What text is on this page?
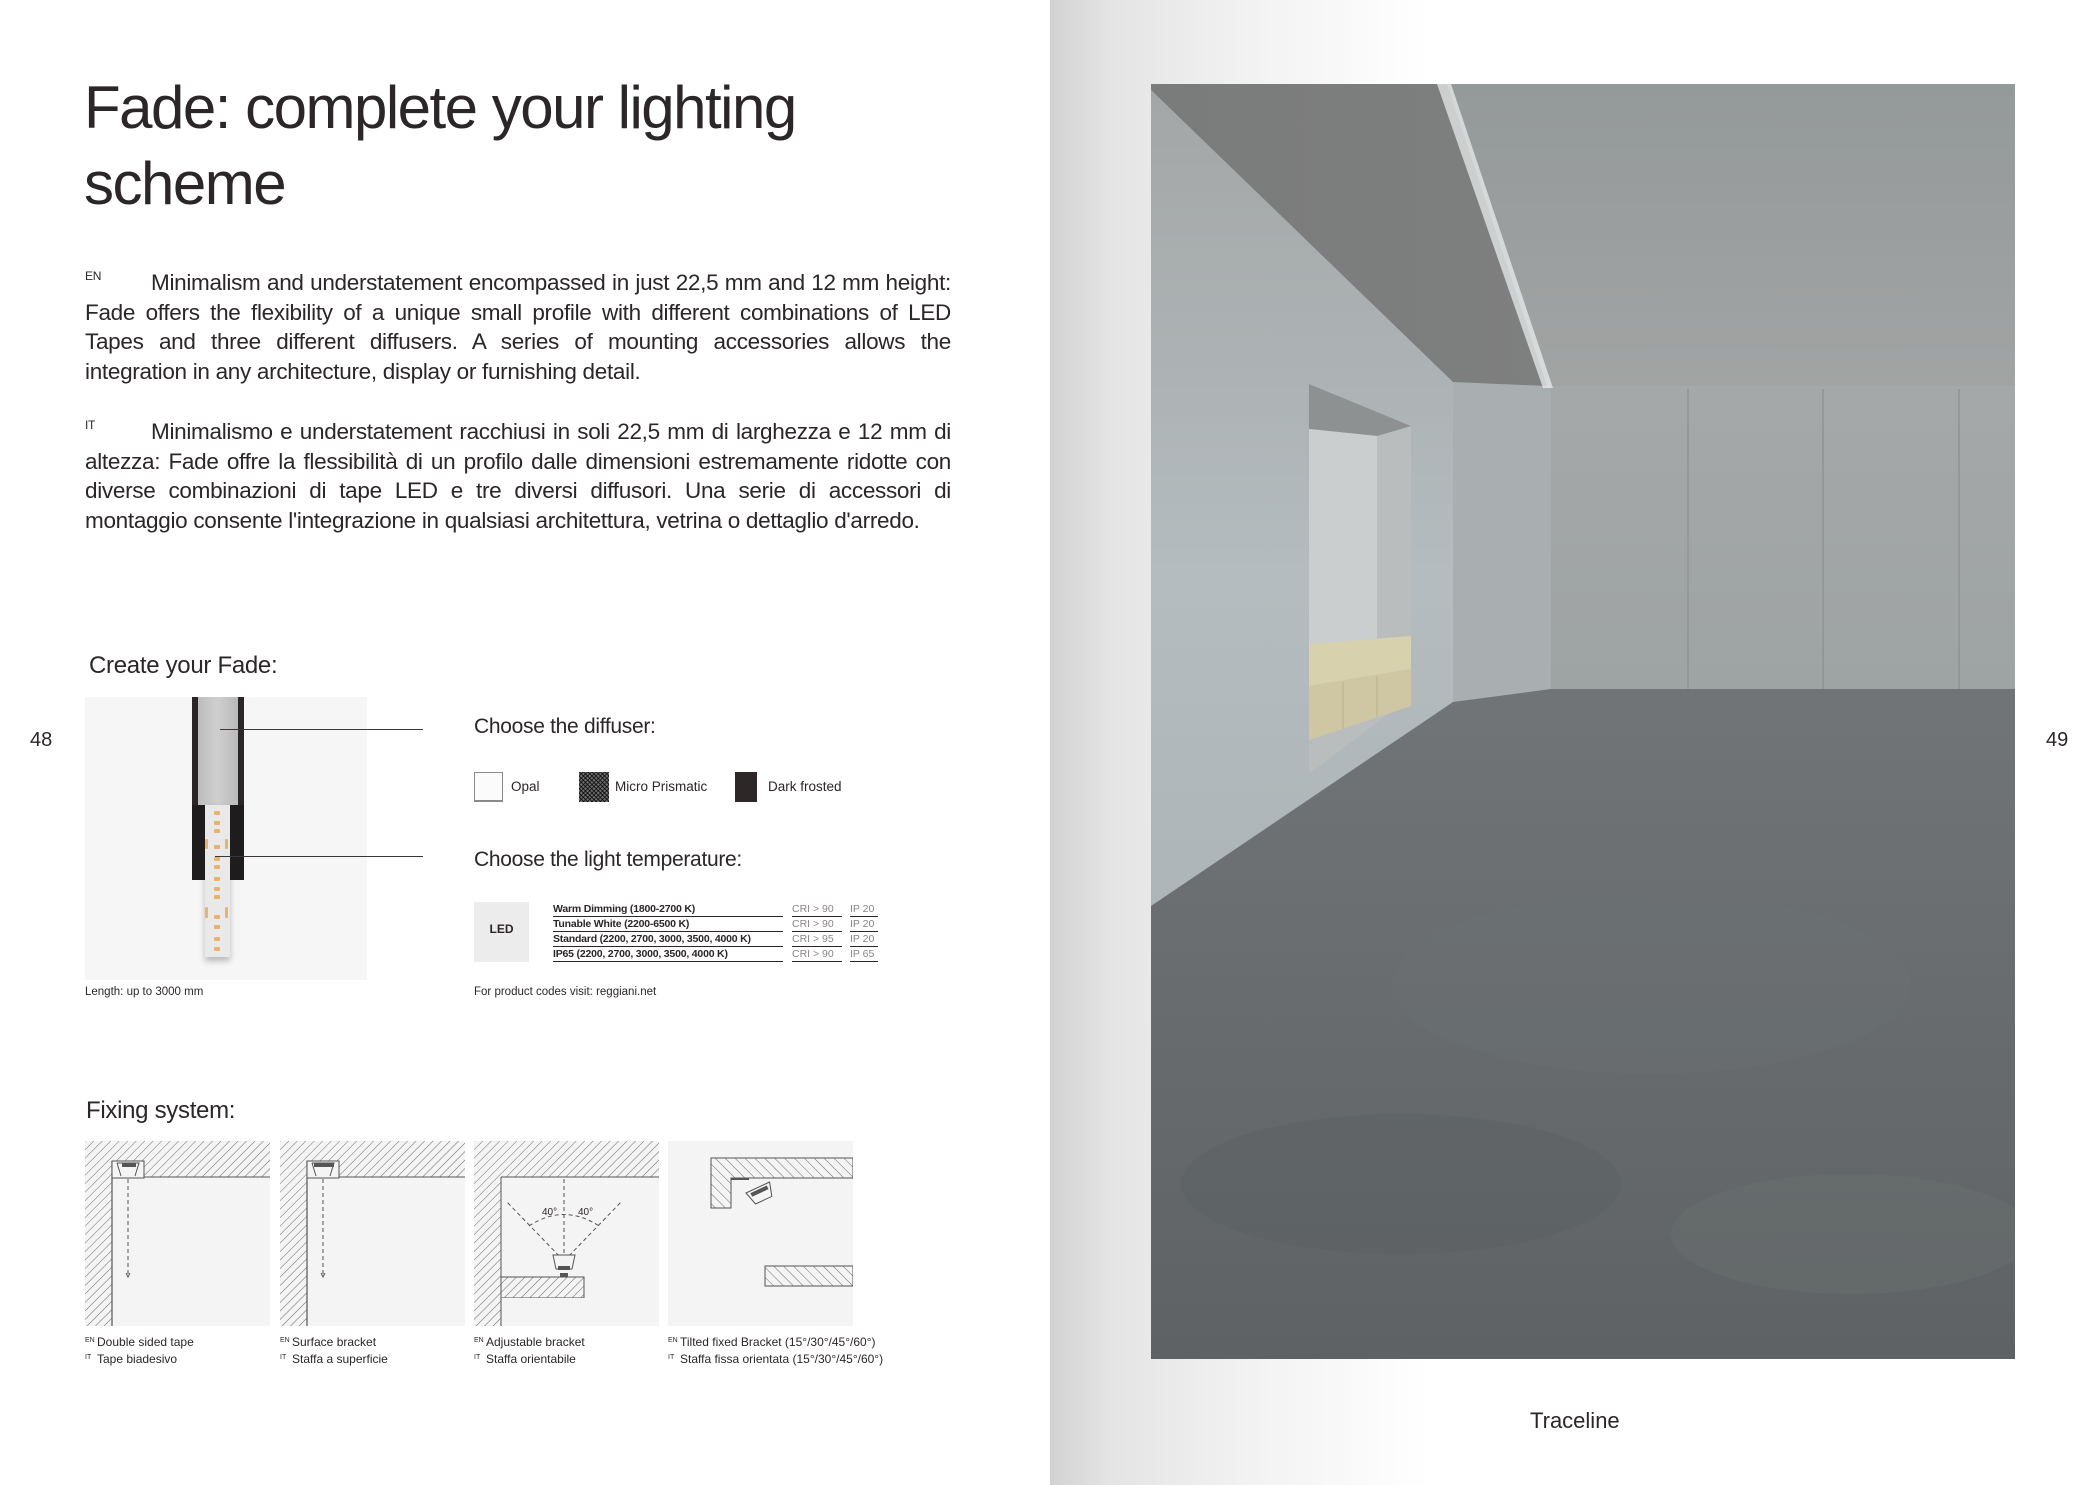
Fade: complete your lighting scheme

EN Minimalism and understatement encompassed in just 22,5 mm and 12 mm height: Fade offers the flexibility of a unique small profile with different combinations of LED Tapes and three different diffusers. A series of mounting accessories allows the integration in any architecture, display or furnishing detail.

IT Minimalismo e understatement racchiusi in soli 22,5 mm di larghezza e 12 mm di altezza: Fade offre la flessibilità di un profilo dalle dimensioni estremamente ridotte con diverse combinazioni di tape LED e tre diversi diffusori. Una serie di accessori di montaggio consente l'integrazione in qualsiasi architettura, vetrina o dettaglio d'arredo.

Create your Fade:
Length: up to 3000 mm
Choose the diffuser:
Opal	Micro Prismatic	Dark frosted
Choose the light temperature:
LED
Warm Dimming (1800-2700 K)	CRI > 90	IP 20
Tunable White (2200-6500 K)	CRI > 90	IP 20
Standard (2200, 2700, 3000, 3500, 4000 K)	CRI > 95	IP 20
IP65 (2200, 2700, 3000, 3500, 4000 K)	CRI > 90	IP 65
For product codes visit: reggiani.net
Fixing system:
40° 40°
$^{EN}$ Double sided tape
$^{IT}$ Tape biadesivo
$^{EN}$ Surface bracket
$^{IT}$ Staffa a superficie
$^{EN}$ Adjustable bracket
$^{IT}$ Staffa orientabile
$^{EN}$ Tilted fixed Bracket (15°/30°/45°/60°)
$^{IT}$ Staffa fissa orientata (15°/30°/45°/60°)
48
Traceline
49
